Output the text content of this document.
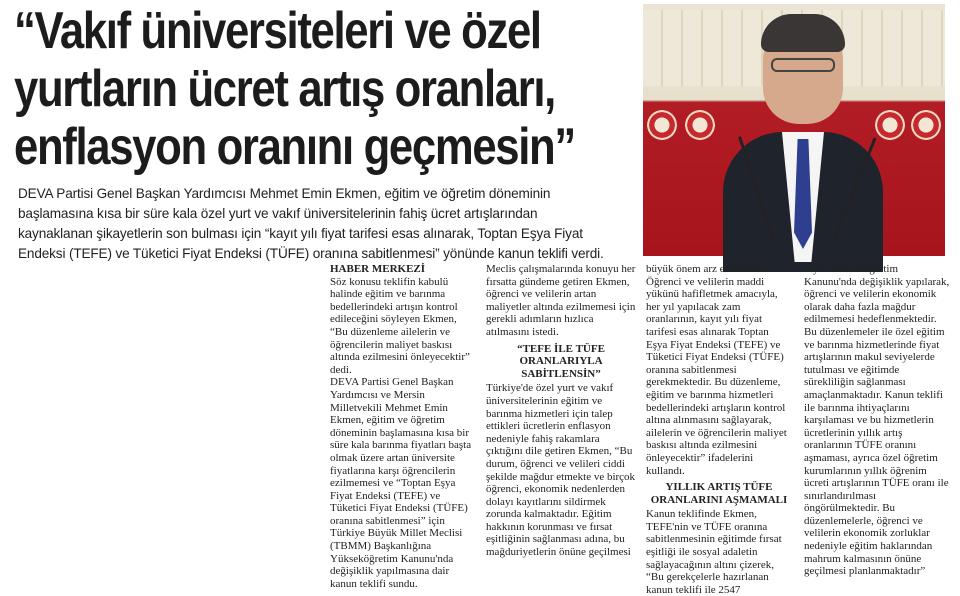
“Vakıf üniversiteleri ve özel
yurtların ücret artış oranları,
enflasyon oranını geçmesin”
DEVA Partisi Genel Başkan Yardımcısı Mehmet Emin Ekmen, eğitim ve öğretim döneminin
başlamasına kısa bir süre kala özel yurt ve vakıf üniversitelerinin fahiş ücret artışlarından
kaynaklanan şikayetlerin son bulması için “kayıt yılı fiyat tarifesi esas alınarak, Toptan Eşya Fiyat
Endeksi (TEFE) ve Tüketici Fiyat Endeksi (TÜFE) oranına sabitlenmesi” yönünde kanun teklifi verdi.

HABER MERKEZİ

Söz konusu teklifin kabulü halinde eğitim ve barınma bedellerindeki artışın kontrol edileceğini söyleyen Ekmen, “Bu düzenleme ailelerin ve öğrencilerin maliyet baskısı altında ezilmesini önleyecektir” dedi.

DEVA Partisi Genel Başkan Yardımcısı ve Mersin Milletvekili Mehmet Emin Ekmen, eğitim ve öğretim döneminin başlamasına kısa bir süre kala barınma fiyatları başta olmak üzere artan üniversite fiyatlarına karşı öğrencilerin ezilmemesi ve “Toptan Eşya Fiyat Endeksi (TEFE) ve Tüketici Fiyat Endeksi (TÜFE) oranına sabitlenmesi” için Türkiye Büyük Millet Meclisi (TBMM) Başkanlığına Yükseköğretim Kanunu'nda değişiklik yapılmasına dair kanun teklifi sundu.

Meclis çalışmalarında konuyu her fırsatta gündeme getiren Ekmen, öğrenci ve velilerin artan maliyetler altında ezilmemesi için gerekli adımların hızlıca atılmasını istedi.

“TEFE İLE TÜFE ORANLARIYLA SABİTLENSİN”

Türkiye'de özel yurt ve vakıf üniversitelerinin eğitim ve barınma hizmetleri için talep ettikleri ücretlerin enflasyon nedeniyle fahiş rakamlara çıktığını dile getiren Ekmen, “Bu durum, öğrenci ve velileri ciddi şekilde mağdur etmekte ve birçok öğrenci, ekonomik nedenlerden dolayı kayıtlarını sildirmek zorunda kalmaktadır. Eğitim hakkının korunması ve fırsat eşitliğinin sağlanması adına, bu mağduriyetlerin önüne geçilmesi

büyük önem arz etmektedir. Öğrenci ve velilerin maddi yükünü hafifletmek amacıyla, her yıl yapılacak zam oranlarının, kayıt yılı fiyat tarifesi esas alınarak Toptan Eşya Fiyat Endeksi (TEFE) ve Tüketici Fiyat Endeksi (TÜFE) oranına sabitlenmesi gerekmektedir. Bu düzenleme, eğitim ve barınma hizmetleri bedellerindeki artışların kontrol altına alınmasını sağlayarak, ailelerin ve öğrencilerin maliyet baskısı altında ezilmesini önleyecektir” ifadelerini kullandı.

YILLIK ARTIŞ TÜFE ORANLARINI AŞMAMALI

Kanun teklifinde Ekmen, TEFE'nin ve TÜFE oranına sabitlenmesinin eğitimde fırsat eşitliği ile sosyal adaletin sağlayacağının altını çizerek, “Bu gerekçelerle hazırlanan kanun teklifi ile 2547

sayılı Yükseköğretim Kanunu'nda değişiklik yapılarak, öğrenci ve velilerin ekonomik olarak daha fazla mağdur edilmemesi hedeflenmektedir. Bu düzenlemeler ile özel eğitim ve barınma hizmetlerinde fiyat artışlarının makul seviyelerde tutulması ve eğitimde sürekliliğin sağlanması amaçlanmaktadır. Kanun teklifi ile barınma ihtiyaçlarını karşılaması ve bu hizmetlerin ücretlerinin yıllık artış oranlarının TÜFE oranını aşmaması, ayrıca özel öğretim kurumlarının yıllık öğrenim ücreti artışlarının TÜFE oranı ile sınırlandırılması öngörülmektedir. Bu düzenlemelerle, öğrenci ve velilerin ekonomik zorluklar nedeniyle eğitim haklarından mahrum kalmasının önüne geçilmesi planlanmaktadır”
